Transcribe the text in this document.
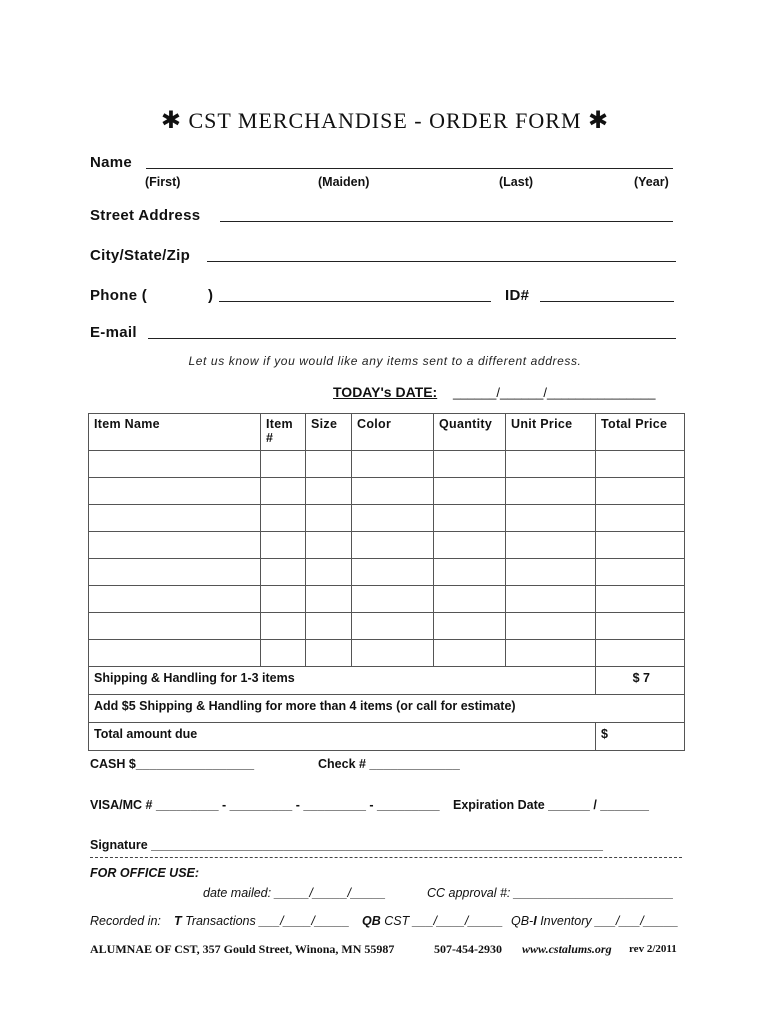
✱ CST MERCHANDISE - ORDER FORM ✱
Name
(First)	(Maiden)	(Last)	(Year)
Street Address
City/State/Zip
Phone (	)	ID#
E-mail
Let us know if you would like any items sent to a different address.
TODAY's DATE: ______/______/_______________
Item Name	Item #	Size	Color	Quantity	Unit Price	Total Price

Shipping & Handling for 1-3 items						$ 7
Add $5 Shipping & Handling for more than 4 items (or call for estimate)						
Total amount due						$
CASH $_________________	Check # _____________
VISA/MC # _________ - _________ - _________ - _________ Expiration Date ______ / _______
Signature _________________________________________________________________
FOR OFFICE USE:
date mailed: _____/_____/_____	CC approval #: _______________________
Recorded in: T Transactions ___/____/_____ QB CST ___/____/_____ QB-I Inventory ___/___/_____
ALUMNAE OF CST, 357 Gould Street, Winona, MN 55987	507-454-2930 www.cstalums.org rev 2/2011
